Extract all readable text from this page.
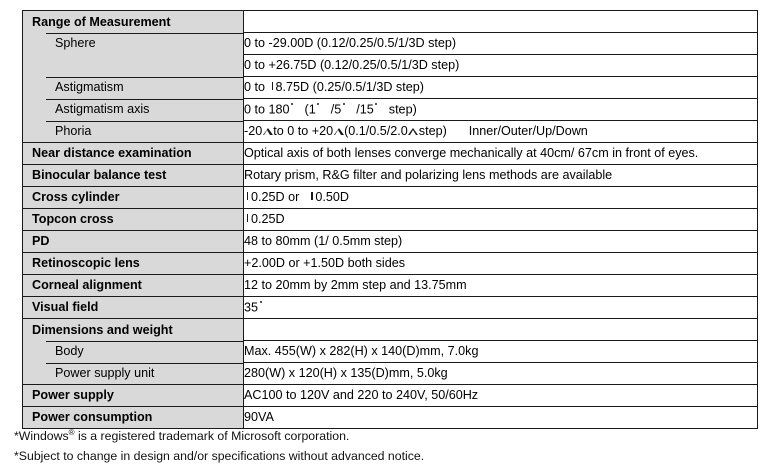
Range of Measurement	

Sphere	0 to -29.00D (0.12/0.25/0.5/1/3D step)

	0 to +26.75D (0.12/0.25/0.5/1/3D step)

Astigmatism	0 to 8.75D (0.25/0.5/1/3D step)

Astigmatism axis	0 to 180 (1 /5 /15 step)

Phoria	-20 to 0 to +20 (0.1/0.5/2.0 step) Inner/Outer/Up/Down

Near distance examination	Optical axis of both lenses converge mechanically at 40cm/ 67cm in front of eyes.

Binocular balance test	Rotary prism, R&G filter and polarizing lens methods are available

Cross cylinder	0.25D or 0.50D

Topcon cross	0.25D

PD	48 to 80mm (1/ 0.5mm step)

Retinoscopic lens	+2.00D or +1.50D both sides

Corneal alignment	12 to 20mm by 2mm step and 13.75mm

Visual field	35

Dimensions and weight	

Body	Max. 455(W) x 282(H) x 140(D)mm, 7.0kg

Power supply unit	280(W) x 120(H) x 135(D)mm, 5.0kg

Power supply	AC100 to 120V and 220 to 240V, 50/60Hz

Power consumption	90VA
*Windows® is a registered trademark of Microsoft corporation.
*Subject to change in design and/or specifications without advanced notice.
